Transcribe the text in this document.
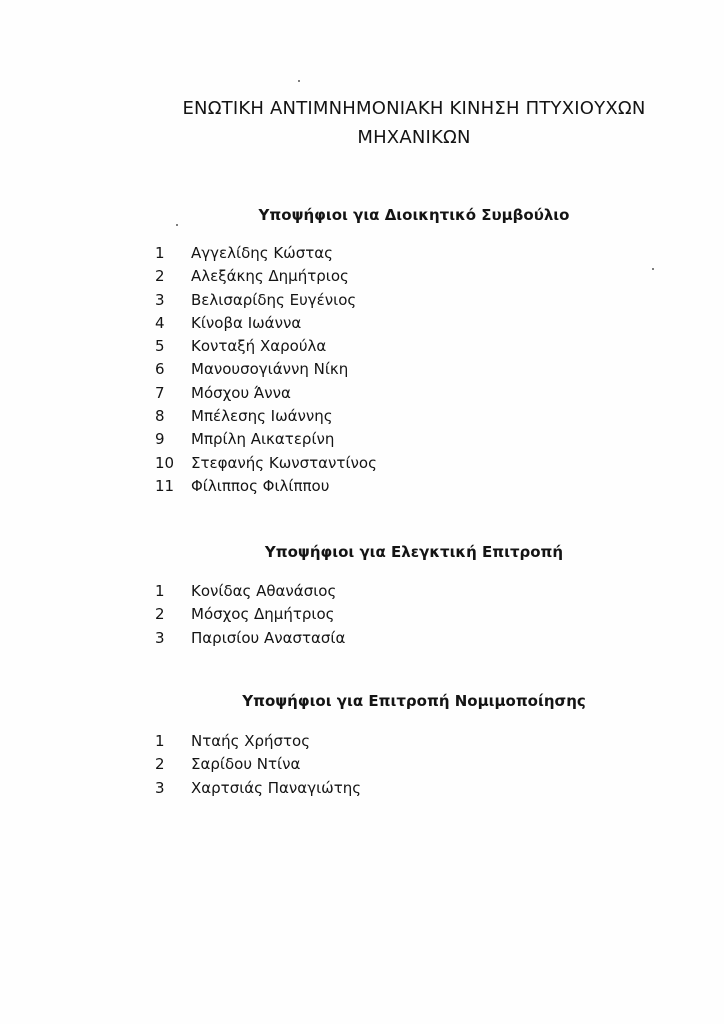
ΕΝΩΤΙΚΗ ΑΝΤΙΜΝΗΜΟΝΙΑΚΗ ΚΙΝΗΣΗ ΠΤΥΧΙΟΥΧΩΝ
ΜΗΧΑΝΙΚΩΝ
Υποψήφιοι για Διοικητικό Συμβούλιο
1 Αγγελίδης Κώστας
2 Αλεξάκης Δημήτριος
3 Βελισαρίδης Ευγένιος
4 Κίνοβα Ιωάννα
5 Κονταξή Χαρούλα
6 Μανουσογιάννη Νίκη
7 Μόσχου Άννα
8 Μπέλεσης Ιωάννης
9 Μπρίλη Αικατερίνη
10 Στεφανής Κωνσταντίνος
11 Φίλιππος Φιλίππου
Υποψήφιοι για Ελεγκτική Επιτροπή
1 Κονίδας Αθανάσιος
2 Μόσχος Δημήτριος
3 Παρισίου Αναστασία
Υποψήφιοι για Επιτροπή Νομιμοποίησης
1 Νταής Χρήστος
2 Σαρίδου Ντίνα
3 Χαρτσιάς Παναγιώτης
